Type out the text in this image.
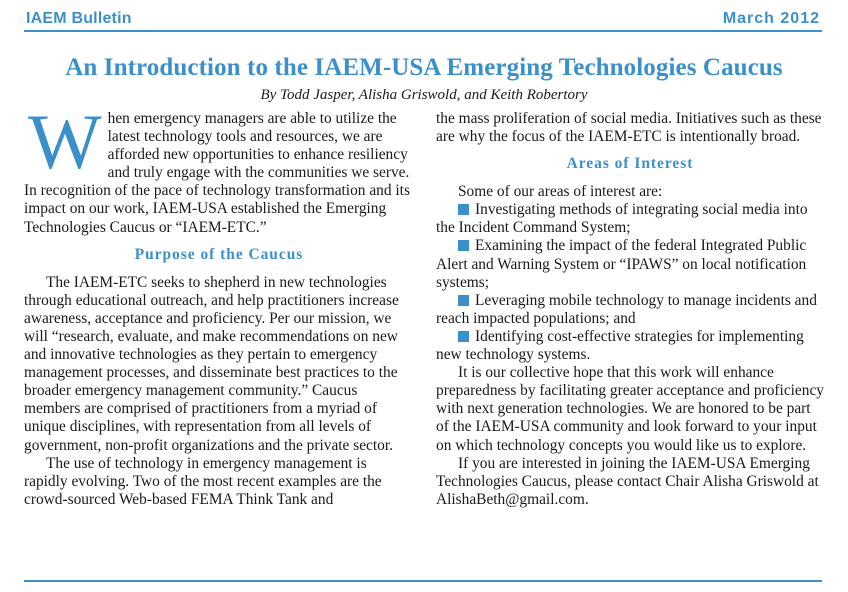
IAEM Bulletin	March 2012
An Introduction to the IAEM-USA Emerging Technologies Caucus
By Todd Jasper, Alisha Griswold, and Keith Robertory

When emergency managers are able to utilize the latest technology tools and resources, we are afforded new opportunities to enhance resiliency and truly engage with the communities we serve. In recognition of the pace of technology transformation and its impact on our work, IAEM-USA established the Emerging Technologies Caucus or “IAEM-ETC.”

Purpose of the Caucus

The IAEM-ETC seeks to shepherd in new technologies through educational outreach, and help practitioners increase awareness, acceptance and proficiency. Per our mission, we will “research, evaluate, and make recommendations on new and innovative technologies as they pertain to emergency management processes, and disseminate best practices to the broader emergency management community.” Caucus members are comprised of practitioners from a myriad of unique disciplines, with representation from all levels of government, non-profit organizations and the private sector.

The use of technology in emergency management is rapidly evolving. Two of the most recent examples are the crowd-sourced Web-based FEMA Think Tank and

the mass proliferation of social media. Initiatives such as these are why the focus of the IAEM-ETC is intentionally broad.

Areas of Interest

Some of our areas of interest are:

Investigating methods of integrating social media into the Incident Command System;

Examining the impact of the federal Integrated Public Alert and Warning System or “IPAWS” on local notification systems;

Leveraging mobile technology to manage incidents and reach impacted populations; and

Identifying cost-effective strategies for implementing new technology systems.

It is our collective hope that this work will enhance preparedness by facilitating greater acceptance and proficiency with next generation technologies. We are honored to be part of the IAEM-USA community and look forward to your input on which technology concepts you would like us to explore.

If you are interested in joining the IAEM-USA Emerging Technologies Caucus, please contact Chair Alisha Griswold at AlishaBeth@gmail.com.
